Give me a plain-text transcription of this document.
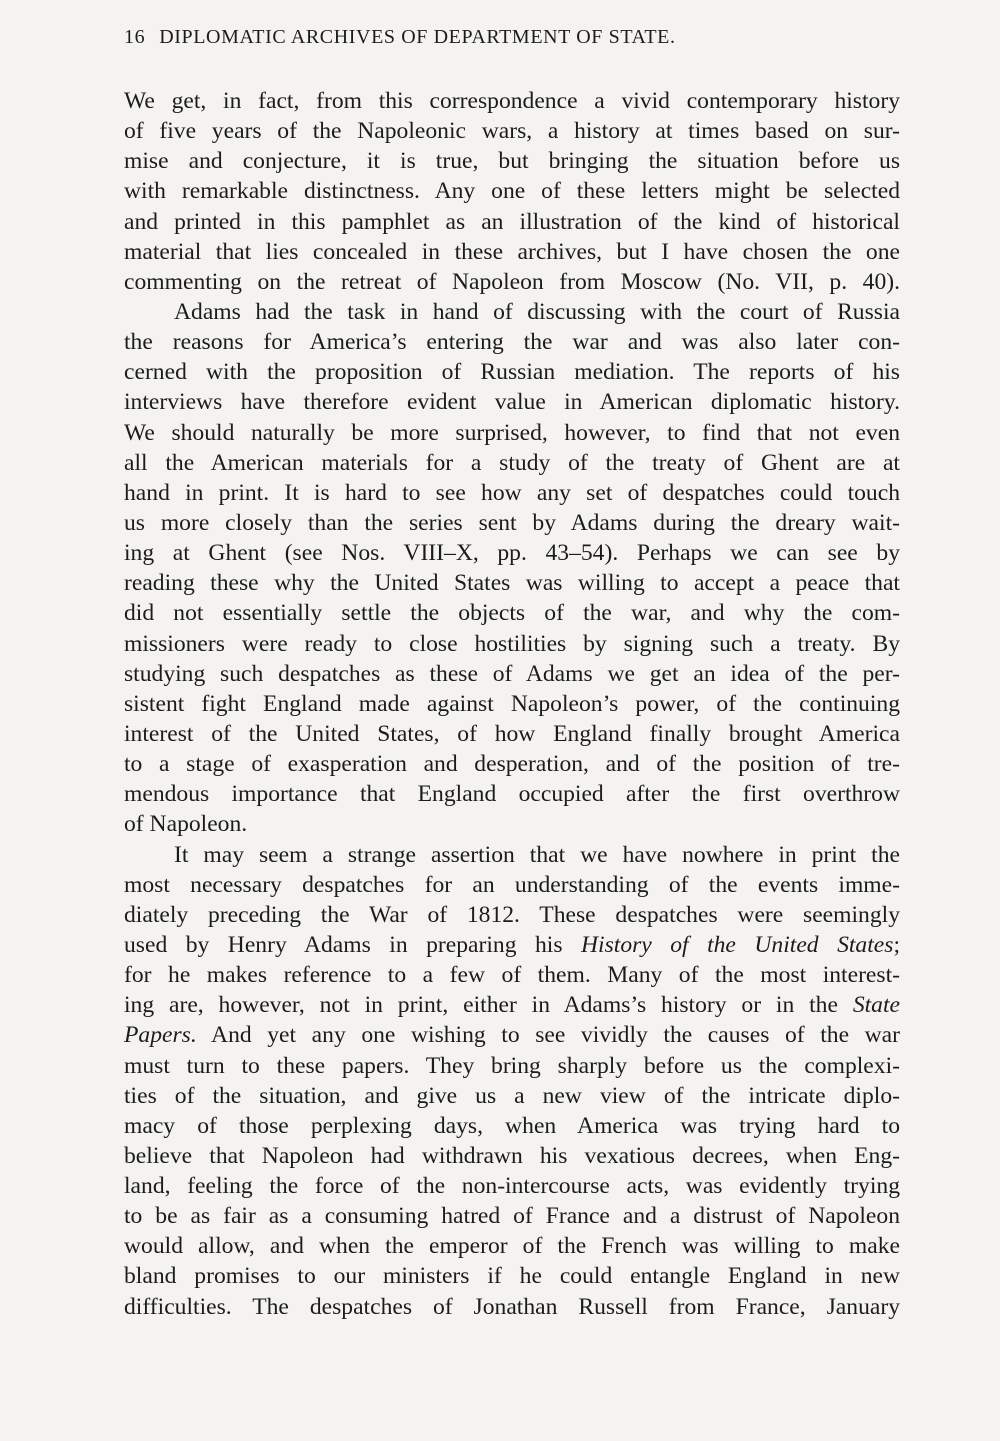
16 DIPLOMATIC ARCHIVES OF DEPARTMENT OF STATE.
We get, in fact, from this correspondence a vivid contemporary history
of five years of the Napoleonic wars, a history at times based on sur-
mise and conjecture, it is true, but bringing the situation before us
with remarkable distinctness. Any one of these letters might be selected
and printed in this pamphlet as an illustration of the kind of historical
material that lies concealed in these archives, but I have chosen the one
commenting on the retreat of Napoleon from Moscow (No. VII, p. 40).
Adams had the task in hand of discussing with the court of Russia
the reasons for America’s entering the war and was also later con-
cerned with the proposition of Russian mediation. The reports of his
interviews have therefore evident value in American diplomatic history.
We should naturally be more surprised, however, to find that not even
all the American materials for a study of the treaty of Ghent are at
hand in print. It is hard to see how any set of despatches could touch
us more closely than the series sent by Adams during the dreary wait-
ing at Ghent (see Nos. VIII–X, pp. 43–54). Perhaps we can see by
reading these why the United States was willing to accept a peace that
did not essentially settle the objects of the war, and why the com-
missioners were ready to close hostilities by signing such a treaty. By
studying such despatches as these of Adams we get an idea of the per-
sistent fight England made against Napoleon’s power, of the continuing
interest of the United States, of how England finally brought America
to a stage of exasperation and desperation, and of the position of tre-
mendous importance that England occupied after the first overthrow
of Napoleon.
It may seem a strange assertion that we have nowhere in print the
most necessary despatches for an understanding of the events imme-
diately preceding the War of 1812. These despatches were seemingly
used by Henry Adams in preparing his History of the United States;
for he makes reference to a few of them. Many of the most interest-
ing are, however, not in print, either in Adams’s history or in the State
Papers. And yet any one wishing to see vividly the causes of the war
must turn to these papers. They bring sharply before us the complexi-
ties of the situation, and give us a new view of the intricate diplo-
macy of those perplexing days, when America was trying hard to
believe that Napoleon had withdrawn his vexatious decrees, when Eng-
land, feeling the force of the non-intercourse acts, was evidently trying
to be as fair as a consuming hatred of France and a distrust of Napoleon
would allow, and when the emperor of the French was willing to make
bland promises to our ministers if he could entangle England in new
difficulties. The despatches of Jonathan Russell from France, January
